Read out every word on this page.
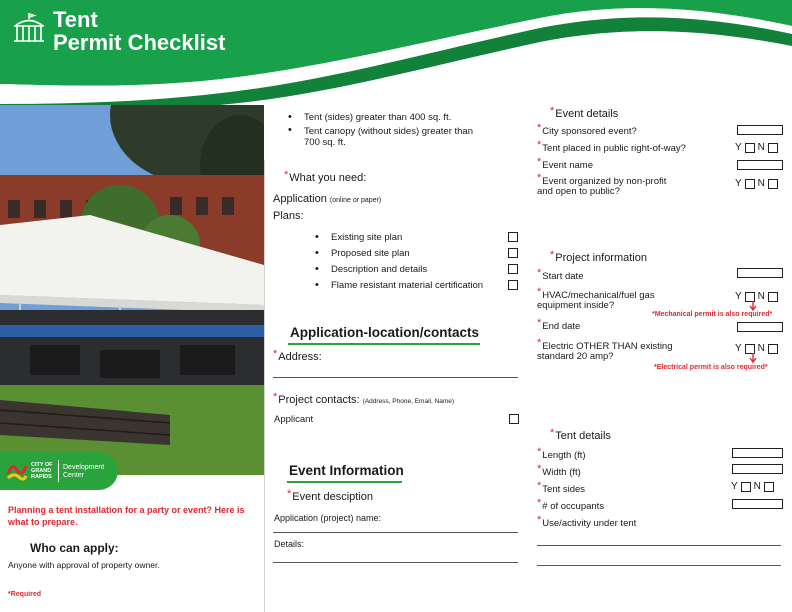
Tent
Permit Checklist
CITY OF
GRAND
RAPIDS
Development
Center
Planning a tent installation for a party or event? Here is what to prepare.
Who can apply:
Anyone with approval of property owner.
*Required
• Tent (sides) greater than 400 sq. ft.
• Tent canopy (without sides) greater than 700 sq. ft.
*What you need:
Application (online or paper)
Plans:
• Existing site plan
• Proposed site plan
• Description and details
• Flame resistant material certification
Application-location/contacts
*Address:
*Project contacts: (Address, Phone, Email, Name)
Applicant
Event Information
*Event desciption
Application (project) name:
Details:
*Event details
*City sponsored event?
*Tent placed in public right-of-way?	Y N
*Event name
*Event organized by non-profit
and open to public?
Y N
*Project information
*Start date
*HVAC/mechanical/fuel gas
equipment inside?
Y N
*Mechanical permit is also required*
*End date
*Electric OTHER THAN existing
standard 20 amp?
Y N
*Electrical permit is also required*
*Tent details
*Length (ft)
*Width (ft)
*Tent sides	Y N
*# of occupants
*Use/activity under tent
